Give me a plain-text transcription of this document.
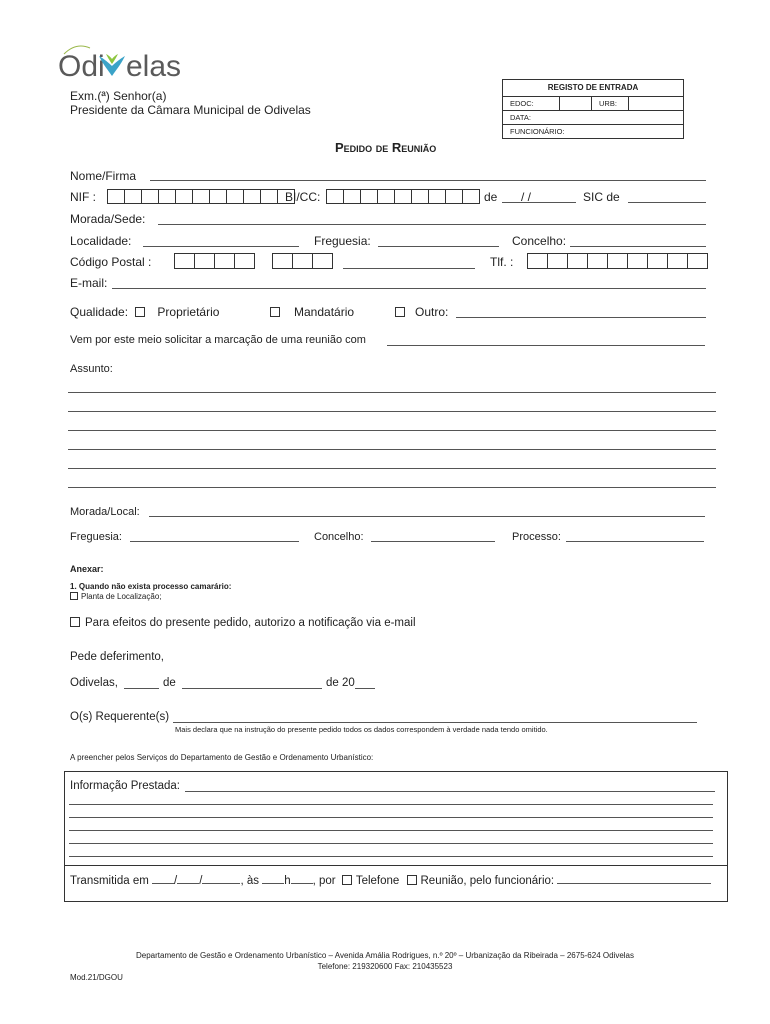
Odi elas
Exm.(ª) Senhor(a)
Presidente da Câmara Municipal de Odivelas
REGISTO DE ENTRADA
EDOC:	URB:
DATA:
FUNCIONÁRIO:
Pedido de Reunião
Nome/Firma
NIF :	BI/CC:	de / /	SIC de
Morada/Sede:
Localidade:	Freguesia:	Concelho:
Código Postal :	Tlf. :
E-mail:
Qualidade: Proprietário	Mandatário	Outro:
Vem por este meio solicitar a marcação de uma reunião com
Assunto:
Morada/Local:
Freguesia:	Concelho:	Processo:
Anexar:
1. Quando não exista processo camarário:
Planta de Localização;
Para efeitos do presente pedido, autorizo a notificação via e-mail
Pede deferimento,
Odivelas,	de	de 20
O(s) Requerente(s)
Mais declara que na instrução do presente pedido todos os dados correspondem à verdade nada tendo omitido.
A preencher pelos Serviços do Departamento de Gestão e Ordenamento Urbanístico:
Informação Prestada:
Transmitida em / /	, às h , por Telefone Reunião, pelo funcionário:
Departamento de Gestão e Ordenamento Urbanístico – Avenida Amália Rodrigues, n.º 20º – Urbanização da Ribeirada – 2675-624 Odivelas
Telefone: 219320600 Fax: 210435523
Mod.21/DGOU
